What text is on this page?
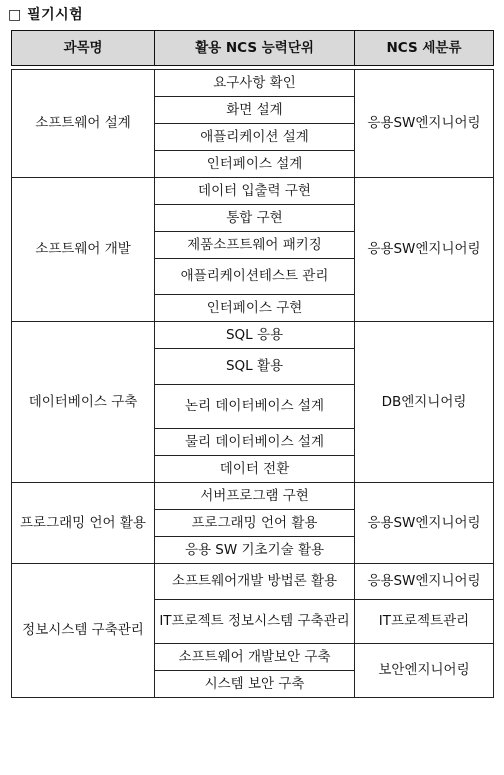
□ 필기시험
과목명	활용 NCS 능력단위	NCS 세분류

소프트웨어 설계	요구사항 확인	응용SW엔지니어링
	화면 설계	
	애플리케이션 설계	
	인터페이스 설계	
소프트웨어 개발	데이터 입출력 구현	응용SW엔지니어링
	통합 구현	
	제품소프트웨어 패키징	
	애플리케이션테스트 관리	
	인터페이스 구현	
데이터베이스 구축	SQL 응용	DB엔지니어링
	SQL 활용	
	논리 데이터베이스 설계	
	물리 데이터베이스 설계	
	데이터 전환	
프로그래밍 언어 활용	서버프로그램 구현	응용SW엔지니어링
	프로그래밍 언어 활용	
	응용 SW 기초기술 활용	
정보시스템 구축관리	소프트웨어개발 방법론 활용	응용SW엔지니어링
	IT프로젝트 정보시스템 구축관리	IT프로젝트관리
	소프트웨어 개발보안 구축	보안엔지니어링
	시스템 보안 구축	
